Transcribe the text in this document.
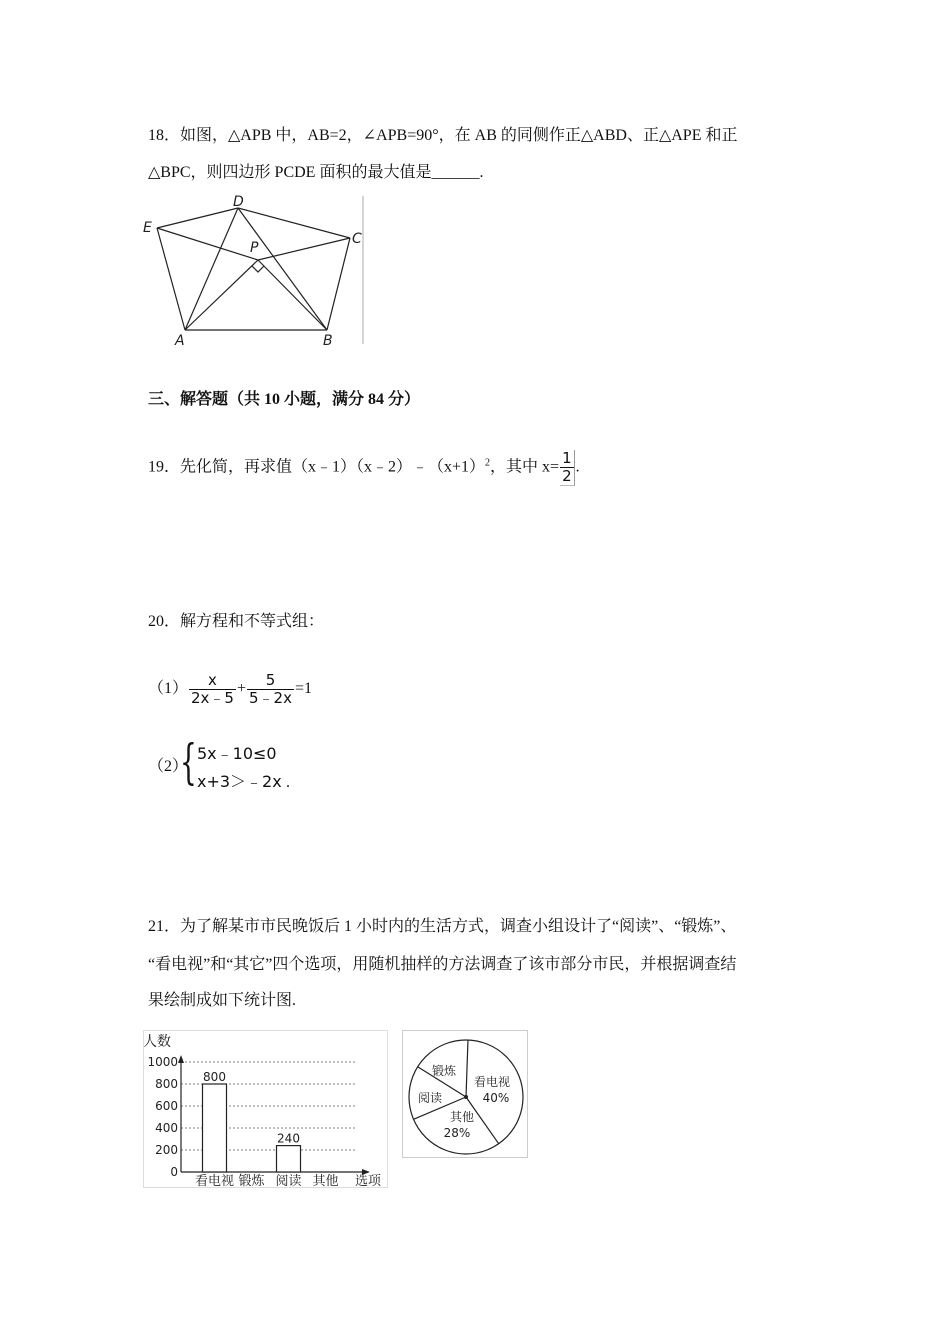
18．如图，△APB 中，AB=2，∠APB=90°，在 AB 的同侧作正△ABD、正△APE 和正
△BPC，则四边形 PCDE 面积的最大值是______.
D
E
P
C
A	B
三、解答题（共 10 小题，满分 84 分）
19．先化简，再求值$(x﹣1)(x﹣2)﹣(x+1)^2$，其中 $x= \frac{1}{2}$ .
20．解方程和不等式组：
$(1) \frac{x}{2x﹣5} + \frac{5}{5﹣2x} =1$
（2）
{ 5x﹣10≤0
x+3＞﹣2x .
21．为了解某市市民晚饭后 1 小时内的生活方式，调查小组设计了“阅读”、“锻炼”、
“看电视”和“其它”四个选项，用随机抽样的方法调查了该市部分市民，并根据调查结
果绘制成如下统计图.
人数
0
200
400
600
800
1000
800
240
看电视 锻炼 阅读 其他 选项
锻炼
看电视
40%
阅读
其他
28%
